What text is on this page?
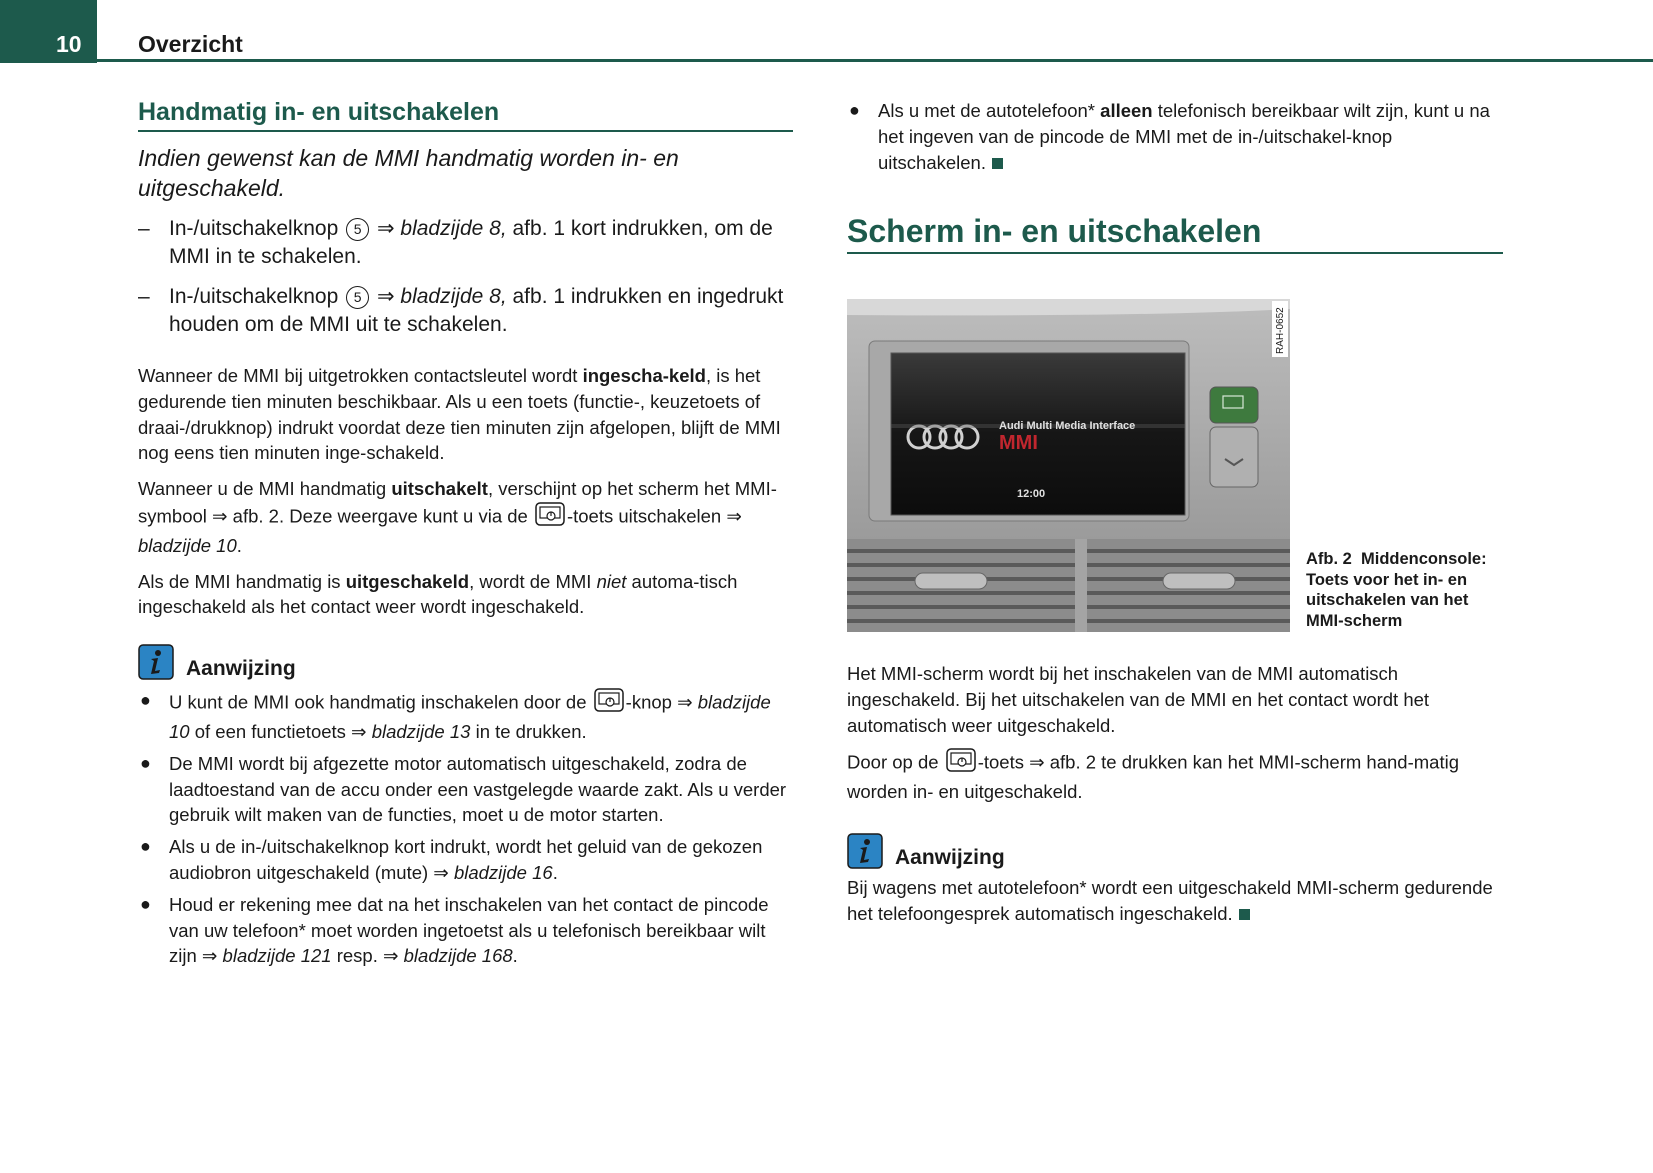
10 Overzicht
Handmatig in- en uitschakelen
Indien gewenst kan de MMI handmatig worden in- en uitgeschakeld.
– In-/uitschakelknop 5 ⇒ bladzijde 8, afb. 1 kort indrukken, om de MMI in te schakelen.
– In-/uitschakelknop 5 ⇒ bladzijde 8, afb. 1 indrukken en ingedrukt houden om de MMI uit te schakelen.

Wanneer de MMI bij uitgetrokken contactsleutel wordt ingescha-keld, is het gedurende tien minuten beschikbaar. Als u een toets (functie-, keuzetoets of draai-/drukknop) indrukt voordat deze tien minuten zijn afgelopen, blijft de MMI nog eens tien minuten inge-schakeld.

Wanneer u de MMI handmatig uitschakelt, verschijnt op het scherm het MMI-symbool ⇒ afb. 2. Deze weergave kunt u via de -toets uitschakelen ⇒ bladzijde 10.

Als de MMI handmatig is uitgeschakeld, wordt de MMI niet automa-tisch ingeschakeld als het contact weer wordt ingeschakeld.

Aanwijzing
● U kunt de MMI ook handmatig inschakelen door de -knop ⇒ bladzijde 10 of een functietoets ⇒ bladzijde 13 in te drukken.
● De MMI wordt bij afgezette motor automatisch uitgeschakeld, zodra de laadtoestand van de accu onder een vastgelegde waarde zakt. Als u verder gebruik wilt maken van de functies, moet u de motor starten.
● Als u de in-/uitschakelknop kort indrukt, wordt het geluid van de gekozen audiobron uitgeschakeld (mute) ⇒ bladzijde 16.
● Houd er rekening mee dat na het inschakelen van het contact de pincode van uw telefoon* moet worden ingetoetst als u telefonisch bereikbaar wilt zijn ⇒ bladzijde 121 resp. ⇒ bladzijde 168.
● Als u met de autotelefoon* alleen telefonisch bereikbaar wilt zijn, kunt u na het ingeven van de pincode de MMI met de in-/uitschakel-knop uitschakelen.
Scherm in- en uitschakelen
Audi Multi Media Interface
MMI
12:00
RAH-0652
Afb. 2 Middenconsole: Toets voor het in- en uitschakelen van het MMI-scherm

Het MMI-scherm wordt bij het inschakelen van de MMI automatisch ingeschakeld. Bij het uitschakelen van de MMI en het contact wordt het automatisch weer uitgeschakeld.

Door op de -toets ⇒ afb. 2 te drukken kan het MMI-scherm hand-matig worden in- en uitgeschakeld.

Aanwijzing

Bij wagens met autotelefoon* wordt een uitgeschakeld MMI-scherm gedurende het telefoongesprek automatisch ingeschakeld.
